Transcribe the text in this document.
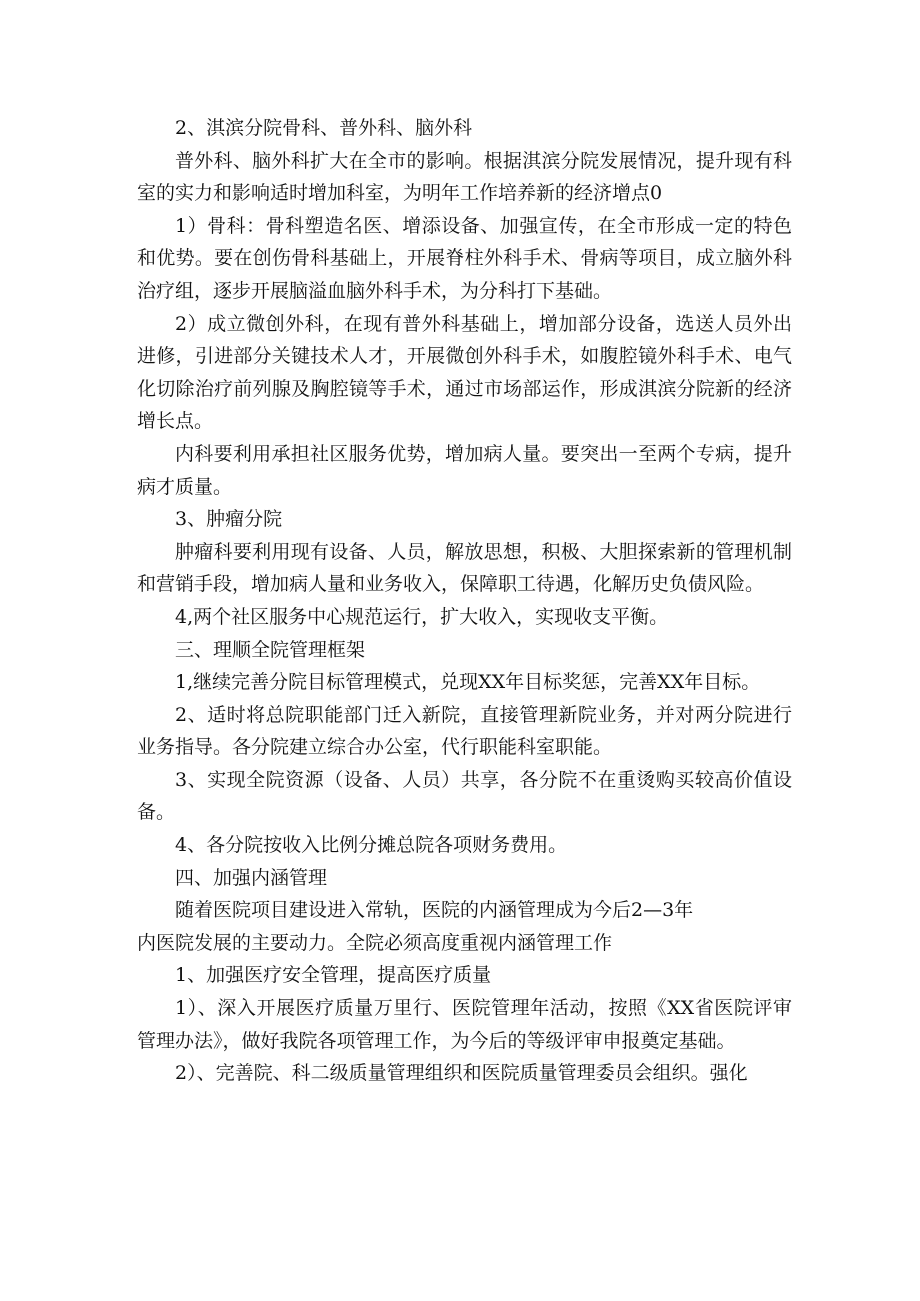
2、淇滨分院骨科、普外科、脑外科

普外科、脑外科扩大在全市的影响。根据淇滨分院发展情况，提升现有科室的实力和影响适时增加科室，为明年工作培养新的经济增点0

1）骨科：骨科塑造名医、增添设备、加强宣传，在全市形成一定的特色和优势。要在创伤骨科基础上，开展脊柱外科手术、骨病等项目，成立脑外科治疗组，逐步开展脑溢血脑外科手术，为分科打下基础。

2）成立微创外科，在现有普外科基础上，增加部分设备，选送人员外出进修，引进部分关键技术人才，开展微创外科手术，如腹腔镜外科手术、电气化切除治疗前列腺及胸腔镜等手术，通过市场部运作，形成淇滨分院新的经济增长点。

内科要利用承担社区服务优势，增加病人量。要突出一至两个专病，提升病才质量。

3、肿瘤分院

肿瘤科要利用现有设备、人员，解放思想，积极、大胆探索新的管理机制和营销手段，增加病人量和业务收入，保障职工待遇，化解历史负债风险。

4,两个社区服务中心规范运行，扩大收入，实现收支平衡。

三、理顺全院管理框架

1,继续完善分院目标管理模式，兑现XX年目标奖惩，完善XX年目标。

2、适时将总院职能部门迁入新院，直接管理新院业务，并对两分院进行业务指导。各分院建立综合办公室，代行职能科室职能。

3、实现全院资源（设备、人员）共享，各分院不在重烫购买较高价值设备。

4、各分院按收入比例分摊总院各项财务费用。

四、加强内涵管理

随着医院项目建设进入常轨，医院的内涵管理成为今后2—3年

内医院发展的主要动力。全院必须高度重视内涵管理工作

1、加强医疗安全管理，提高医疗质量

1）、深入开展医疗质量万里行、医院管理年活动，按照《XX省医院评审管理办法》，做好我院各项管理工作，为今后的等级评审申报奠定基础。

2）、完善院、科二级质量管理组织和医院质量管理委员会组织。强化
